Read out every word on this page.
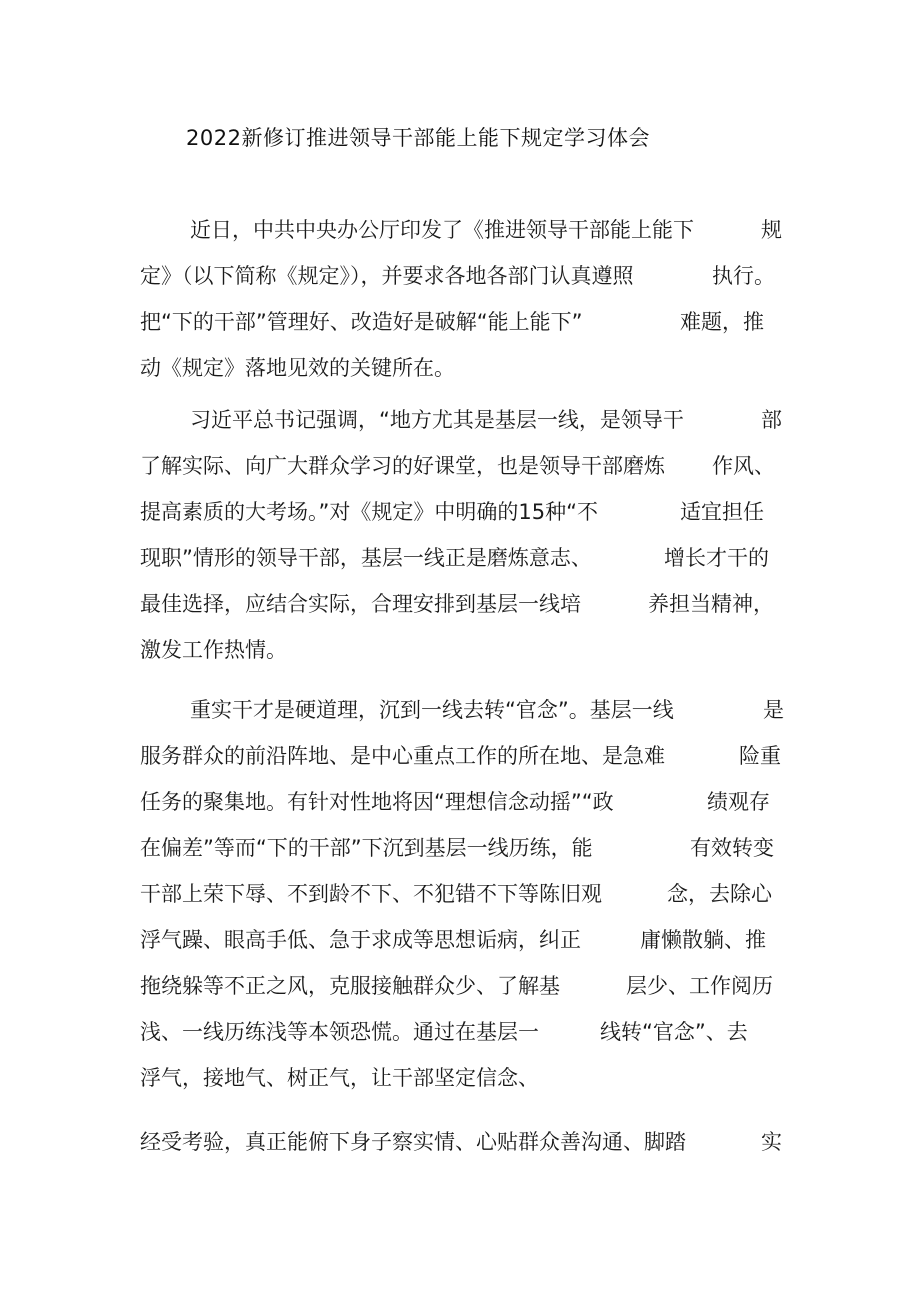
2022新修订推进领导干部能上能下规定学习体会
近日，中共中央办公厅印发了《推进领导干部能上能下	规
定》（以下简称《规定》），并要求各地各部门认真遵照	执行。
把“下的干部”管理好、改造好是破解“能上能下”	难题，推
动《规定》落地见效的关键所在。
习近平总书记强调，“地方尤其是基层一线，是领导干	部
了解实际、向广大群众学习的好课堂，也是领导干部磨炼 作风、
提高素质的大考场。”对《规定》中明确的15种“不	适宜担任
现职”情形的领导干部，基层一线正是磨炼意志、	增长才干的
最佳选择，应结合实际，合理安排到基层一线培	养担当精神，
激发工作热情。
重实干才是硬道理，沉到一线去转“官念”。基层一线	是
服务群众的前沿阵地、是中心重点工作的所在地、是急难	险重
任务的聚集地。有针对性地将因“理想信念动摇”“政	绩观存
在偏差”等而“下的干部”下沉到基层一线历练，能	有效转变
干部上荣下辱、不到龄不下、不犯错不下等陈旧观	念，去除心
浮气躁、眼高手低、急于求成等思想诟病，纠正	庸懒散躺、推
拖绕躲等不正之风，克服接触群众少、了解基	层少、工作阅历
浅、一线历练浅等本领恐慌。通过在基层一	线转“官念”、去
浮气，接地气、树正气，让干部坚定信念、
经受考验，真正能俯下身子察实情、心贴群众善沟通、脚踏	实
